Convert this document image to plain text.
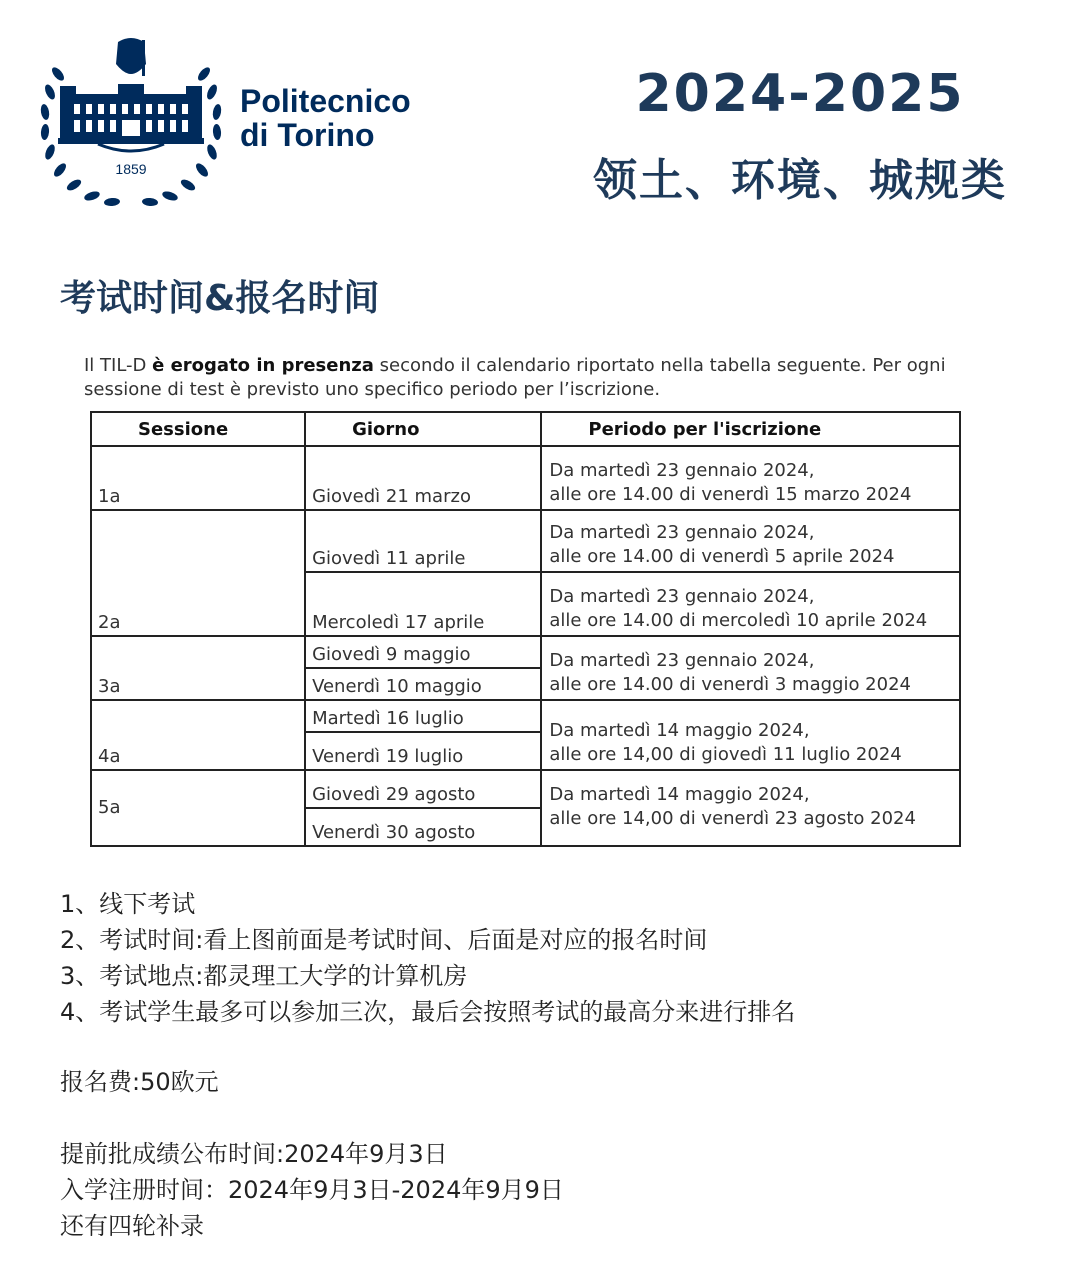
1859
Politecnico
di Torino
2024-2025
领土、环境、城规类
考试时间&报名时间
Il TIL-D è erogato in presenza secondo il calendario riportato nella tabella seguente. Per ogni sessione di test è previsto uno specifico periodo per l’iscrizione.
Sessione	Giorno	Periodo per l'iscrizione
1a	Giovedì 21 marzo	Da martedì 23 gennaio 2024,
alle ore 14.00 di venerdì 15 marzo 2024

2a	Giovedì 11 aprile	Da martedì 23 gennaio 2024,
alle ore 14.00 di venerdì 5 aprile 2024

	Mercoledì 17 aprile	Da martedì 23 gennaio 2024,
alle ore 14.00 di mercoledì 10 aprile 2024

3a	Giovedì 9 maggio	Da martedì 23 gennaio 2024,
alle ore 14.00 di venerdì 3 maggio 2024

	Venerdì 10 maggio	
4a	Martedì 16 luglio	Da martedì 14 maggio 2024,
alle ore 14,00 di giovedì 11 luglio 2024

	Venerdì 19 luglio	
5a	Giovedì 29 agosto	Da martedì 14 maggio 2024,
alle ore 14,00 di venerdì 23 agosto 2024

	Venerdì 30 agosto	
1、线下考试
2、考试时间:看上图前面是考试时间、后面是对应的报名时间
3、考试地点:都灵理工大学的计算机房
4、考试学生最多可以参加三次，最后会按照考试的最高分来进行排名
报名费:50欧元
提前批成绩公布时间:2024年9月3日
入学注册时间：2024年9月3日-2024年9月9日
还有四轮补录
